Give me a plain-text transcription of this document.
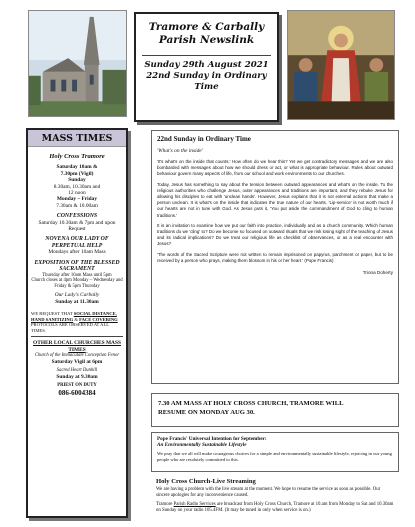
Tramore & Carbally
Parish Newslink
Sunday 29th August 2021
22nd Sunday in Ordinary
Time
MASS TIMES
Holy Cross Tramore
Saturday 10am &
7.30pm (Vigil)
Sunday
8.30am, 10.30am and
12 noon
Monday – Friday
7.30am & 10.00am
CONFESSIONS
Saturday 10.30am & 7pm and upon Request
NOVENA OUR LADY OF PERPETUAL HELP
Mondays after 10am Mass
EXPOSITION OF THE BLESSED SACRAMENT
Thursday after 10am Mass until 5pm
Church closes at 4pm Monday – Wednesday and Friday & 5pm Thursday
Our Lady's Carbally
Sunday at 11.30am
WE REQUEST THAT SOCIAL DISTANCE, HAND SANITIZING & FACE COVERING PROTOCOLS ARE OBSERVED AT ALL TIMES.
OTHER LOCAL CHURCHES MASS TIMES
Church of the Immaculate Conception Fenor
Saturday Vigil at 6pm
Sacred Heart Dunhill
Sunday at 9.30am
PRIEST ON DUTY
086-6004384
22nd Sunday in Ordinary Time
'What's on the inside'

'It's what's on the inside that counts.' How often do we hear this? Yet we get contradictory messages and we are also bombarded with messages about how we should dress or act, or what is appropriate behaviour. Rules about outward behaviour govern many aspects of life, from our school and work environments to our churches.

Today, Jesus has something to say about the tension between outward appearances and what's on the inside. To the religious authorities who challenge Jesus, outer appearances and traditions are important, and they rebuke Jesus for allowing his disciples to eat with 'unclean hands'. However, Jesus explains that it is not external actions that make a person unclean. It is what's on the inside that indicates the true nature of our hearts. 'Lip-service' is not worth much if our hearts are not in tune with God. As Jesus puts it, 'You put aside the commandment of God to cling to human traditions.'

It is an invitation to examine how we put our faith into practice, individually and as a church community. Which human traditions do we 'cling' to? Do we become so focused on outward rituals that we risk losing sight of the teaching of Jesus and its radical implications? Do we treat our religious life as checklist of observances, or as a real encounter with Jesus?

'The words of the Sacred Scripture were not written to remain imprisoned on papyrus, parchment or paper, but to be received by a person who prays, making them blossom in his or her heart.' (Pope Francis)

Triona Doherty
7.30 AM MASS AT HOLY CROSS CHURCH, TRAMORE WILL
RESUME ON MONDAY AUG 30.
Pope Francis' Universal Intention for September:
An Environmentally Sustainable Lifestyle
We pray that we all will make courageous choices for a simple and environmentally sustainable lifestyle, rejoicing in our young people who are resolutely committed to this.
Holy Cross Church-Live Streaming

We are having a problem with the live stream at the moment. We hope to resume the service as soon as possible. Our sincere apologies for any inconvenience caused.

Tramore Parish Radio Services are broadcast from Holy Cross Church, Tramore at 10.am from Monday to Sat and 10.30am on Sunday on your radio 105.4FM. (It may be tuned in only when service is on.)
